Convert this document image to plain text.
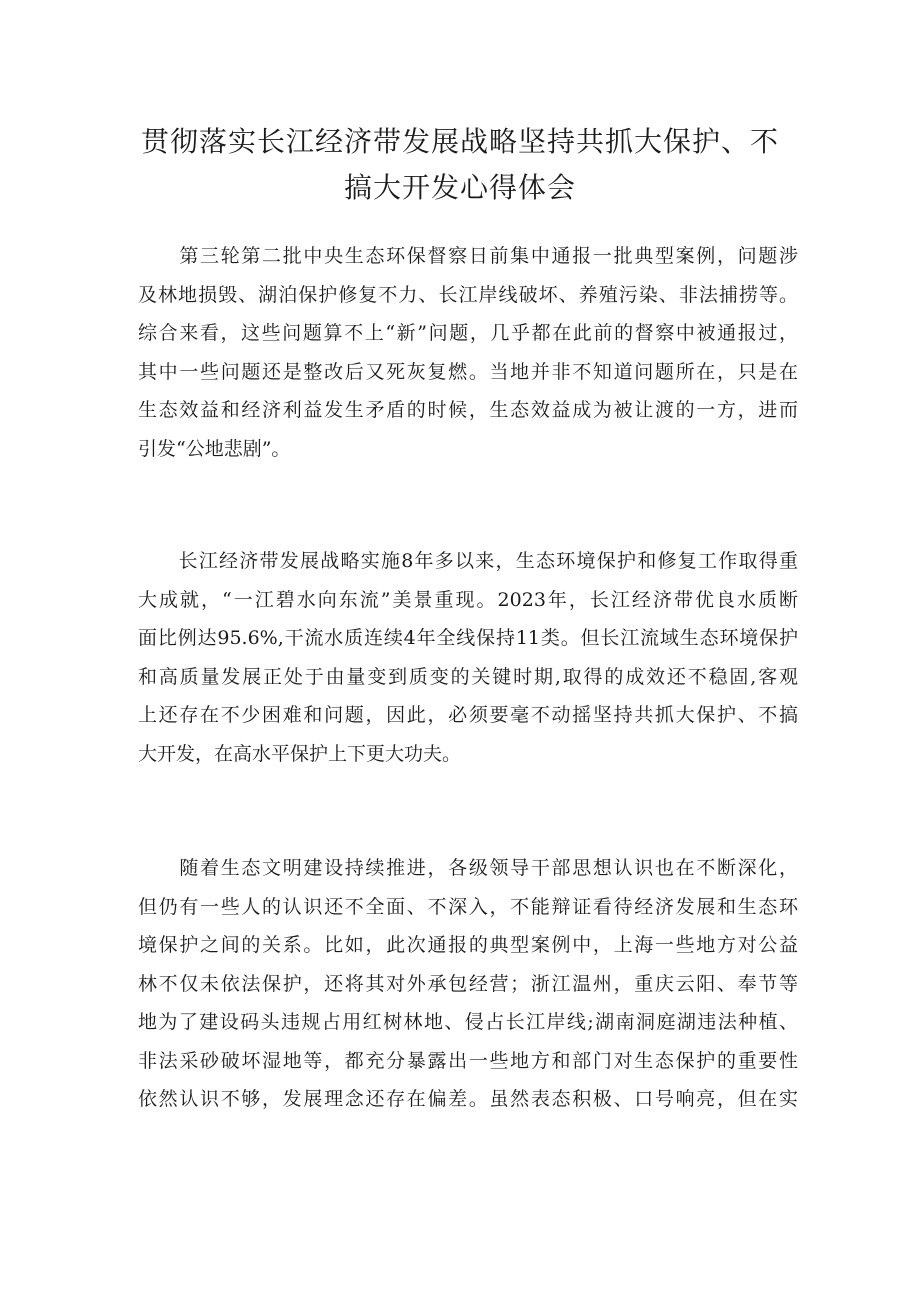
贯彻落实长江经济带发展战略坚持共抓大保护、不
搞大开发心得体会

　　第三轮第二批中央生态环保督察日前集中通报一批典型案例，问题涉
及林地损毁、湖泊保护修复不力、长江岸线破坏、养殖污染、非法捕捞等。
综合来看，这些问题算不上“新”问题，几乎都在此前的督察中被通报过，
其中一些问题还是整改后又死灰复燃。当地并非不知道问题所在，只是在
生态效益和经济利益发生矛盾的时候，生态效益成为被让渡的一方，进而
引发“公地悲剧”。

　　长江经济带发展战略实施8年多以来，生态环境保护和修复工作取得重
大成就，“一江碧水向东流”美景重现。2023年，长江经济带优良水质断
面比例达95.6%,干流水质连续4年全线保持11类。但长江流域生态环境保护
和高质量发展正处于由量变到质变的关键时期,取得的成效还不稳固,客观
上还存在不少困难和问题，因此，必须要毫不动摇坚持共抓大保护、不搞
大开发，在高水平保护上下更大功夫。

　　随着生态文明建设持续推进，各级领导干部思想认识也在不断深化，
但仍有一些人的认识还不全面、不深入，不能辩证看待经济发展和生态环
境保护之间的关系。比如，此次通报的典型案例中，上海一些地方对公益
林不仅未依法保护，还将其对外承包经营；浙江温州，重庆云阳、奉节等
地为了建设码头违规占用红树林地、侵占长江岸线;湖南洞庭湖违法种植、
非法采砂破坏湿地等，都充分暴露出一些地方和部门对生态保护的重要性
依然认识不够，发展理念还存在偏差。虽然表态积极、口号响亮，但在实
